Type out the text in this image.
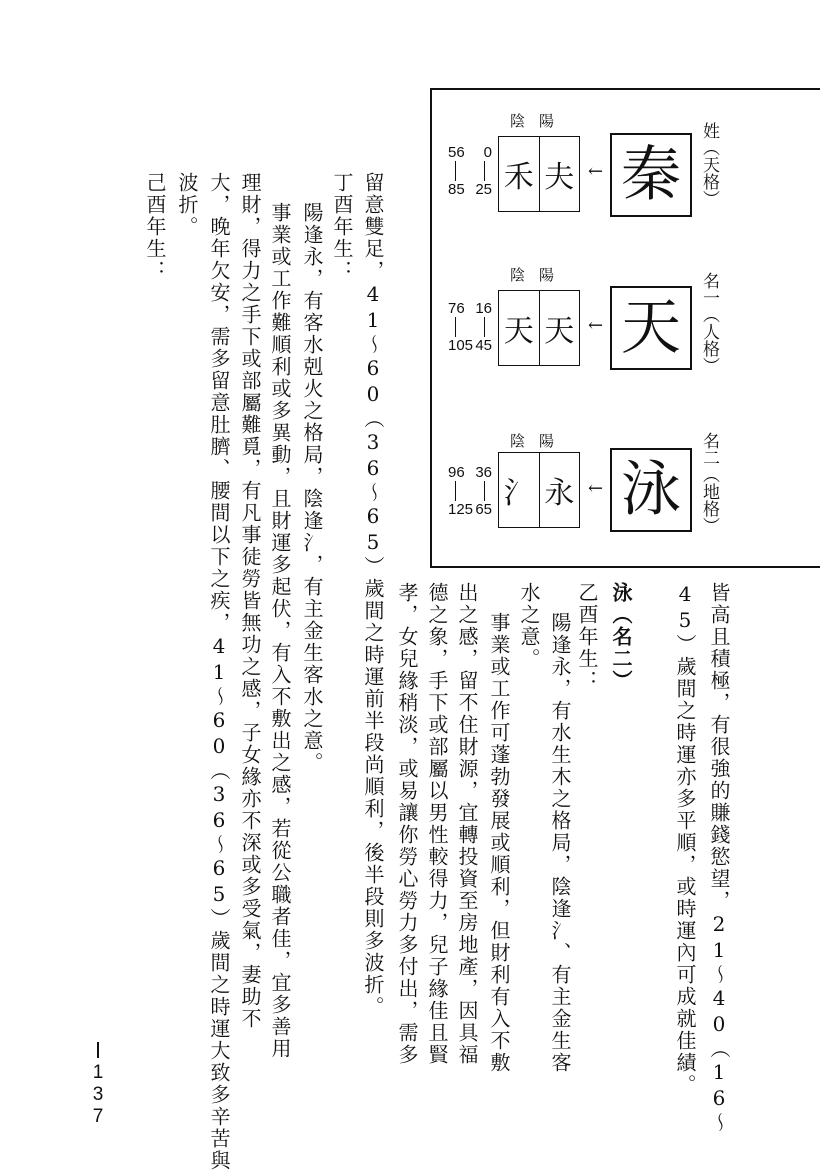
陰陽
56 0
85 25 禾 夫 ← 秦 姓︵天格︶
陰陽
76 16
105 45 天 天 ← 天 名一︵人格︶
陰陽
96 36
125 65 氵 永 ← 泳 名二︵地格︶
皆高且積極，有很強的賺錢慾望，21～40︵16～
45︶歲間之時運亦多平順，或時運內可成就佳績。
泳︵名二︶
乙酉年生：
陽逢永，有水生木之格局，陰逢氵、有主金生客
水之意。
事業或工作可蓬勃發展或順利，但財利有入不敷
出之感，留不住財源，宜轉投資至房地產，因具福
德之象，手下或部屬以男性較得力，兒子緣佳且賢
孝，女兒緣稍淡，或易讓你勞心勞力多付出，需多
留意雙足，41～60︵36～65︶歲間之時運前半段尚順利，後半段則多波折。
丁酉年生：
陽逢永，有客水剋火之格局，陰逢氵，有主金生客水之意。
事業或工作難順利或多異動，且財運多起伏，有入不敷出之感，若從公職者佳，宜多善用
理財，得力之手下或部屬難覓，有凡事徒勞皆無功之感，子女緣亦不深或多受氣，妻助不
大，晚年欠安，需多留意肚臍、腰間以下之疾，41～60︵36～65︶歲間之時運大致多辛苦與
波折。
己酉年生：
1
3
7
